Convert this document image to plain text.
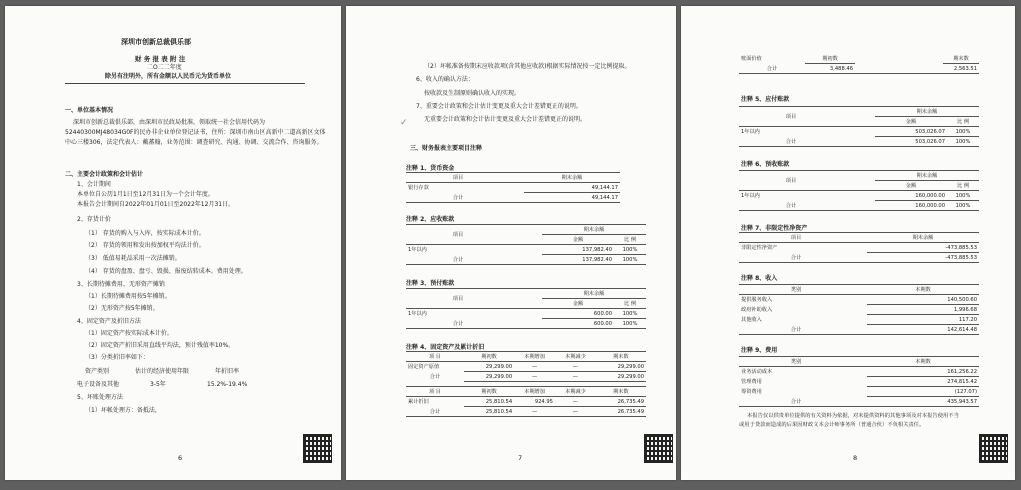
深圳市创新总裁俱乐部
财 务 报 表 附 注
二O二二年度
除另有注明外，所有金额以人民币元为货币单位
一、单位基本情况
深圳市创新总裁俱乐部，由深圳市民政局批准，领取统一社会信用代码为
52440300MJ48034G0F的民办非企业单位登记证书，住所：深圳市南山区高新中二道高新区文体
中心三楼306，法定代表人：戴蕃翰，业务范围：调查研究、沟通、协调、交流合作、咨询服务。
二、主要会计政策和会计估计
1、会计期间
本单位自公历1月1日至12月31日为一个会计年度。
本报告会计期间自2022年01月01日至2022年12月31日。
2、存货计价
（1） 存货的购入与入库，按实际成本计价。
（2） 存货的领用和发出按加权平均法计价。
（3） 低值易耗品采用一次法摊销。
（4） 存货的盘盈、盘亏、毁损、报废结转成本、费用处理。
3、长期待摊费用、无形资产摊销
（1）长期待摊费用按5年摊销。
（2）无形资产按5年摊销。
4、固定资产及折旧方法
（1）固定资产按实际成本计价。
（2）固定资产折旧采用直线平均法，预计残值率10%。
（3）分类折旧率如下：
资产类别	估计的经济使用年限	年折旧率
电子设备及其他	3-5年	15.2%-19.4%
5、坏账处理方法
（1）坏帐处理方：备抵法，
6
（2）坏帐准备按期末应收款项(含其他应收款)根据实际情况按一定比例提取。
6、收入的确认方法：
按收款及生制原则确认收入的实现。
7、重要会计政策和会计估计变更及重大会计差错更正的说明。
无重要会计政策和会计估计变更及重大会计差错更正的说明。
✓
三、财务报表主要项目注释
注释 1、货币资金
项目		期末余额
银行存款		49,144.17
合计		49,144.17
注释 2、应收账款
项目		期末余额	
		金额	比 例
1年以内		137,982.40	100%
合计		137,982.40	100%
注释 3、预付账款
项目		期末余额	
		金额	比 例
1年以内		600.00	100%
合计		600.00	100%
注释 4、固定资产及累计折旧
项 目	期初数	本期增加	本期减少	期末数
固定资产原值	29,299.00	—	—	29,299.00
合计	29,299.00	—	—	29,299.00

项 目	期初数	本期增加	本期减少	期末数
累计折旧	25,810.54	924.95	—	26,735.49
合计	25,810.54	—	—	26,735.49
7
账面价值	期初数			期末数
合计	3,488.46			2,563.51
注释 5、应付账款
项目		期末余额	
		金额	比 例
1年以内		503,026.07	100%
合计		503,026.07	100%
注释 6、预收账款
项目		期末余额	
		金额	比 例
1年以内		160,000.00	100%
合计		160,000.00	100%
注释 7、非限定性净资产
项目		期末余额
非限定性净资产		-473,885.53
合计		-473,885.53
注释 8、收入
类别		本期数
提供服务收入		140,500.60
政府补助收入		1,996.68
其他收入		117.20
合计		142,614.48
注释 9、费用
类别		本期数
业务活动成本		161,256.22
管理费用		274,815.42
筹资费用		(127.07)
合计		435,943.57
本报告仅以供贵单位提供的有关资料为依据，对未提供资料的其他事项及对本报告使用不当
或用于贷款而造成的后果因财政文本会计师事务所（普通合伙）不负相关责任。
8
